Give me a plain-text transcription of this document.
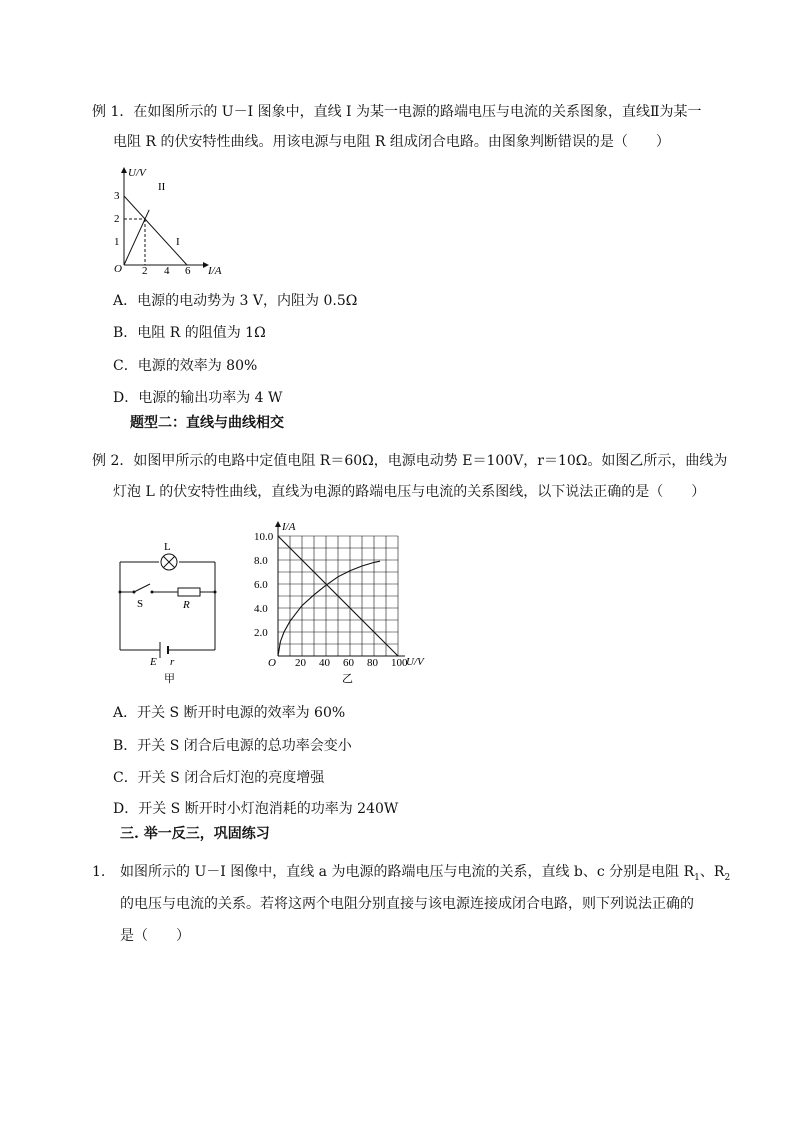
例 1．在如图所示的 U－I 图象中，直线 I 为某一电源的路端电压与电流的关系图象，直线Ⅱ为某一
电阻 R 的伏安特性曲线。用该电源与电阻 R 组成闭合电路。由图象判断错误的是（　　）
U/V
I/A
O
1
2
3
2 4 6
II
I
A．电源的电动势为 3 V，内阻为 0.5Ω
B．电阻 R 的阻值为 1Ω
C．电源的效率为 80%
D．电源的输出功率为 4 W
题型二：直线与曲线相交
例 2．如图甲所示的电路中定值电阻 R＝60Ω，电源电动势 E＝100V，r＝10Ω。如图乙所示，曲线为
灯泡 L 的伏安特性曲线，直线为电源的路端电压与电流的关系图线，以下说法正确的是（　　）
L
S	R
E r
甲
I/A
U/V
O
2.0
4.0
6.0
8.0
10.0
20 40 60 80 100
乙
A．开关 S 断开时电源的效率为 60%
B．开关 S 闭合后电源的总功率会变小
C．开关 S 闭合后灯泡的亮度增强
D．开关 S 断开时小灯泡消耗的功率为 240W
三. 举一反三，巩固练习
1. 如图所示的 U－I 图像中，直线 a 为电源的路端电压与电流的关系，直线 b、c 分别是电阻 $R_1$、$R_2$
的电压与电流的关系。若将这两个电阻分别直接与该电源连接成闭合电路，则下列说法正确的
是（　　）
